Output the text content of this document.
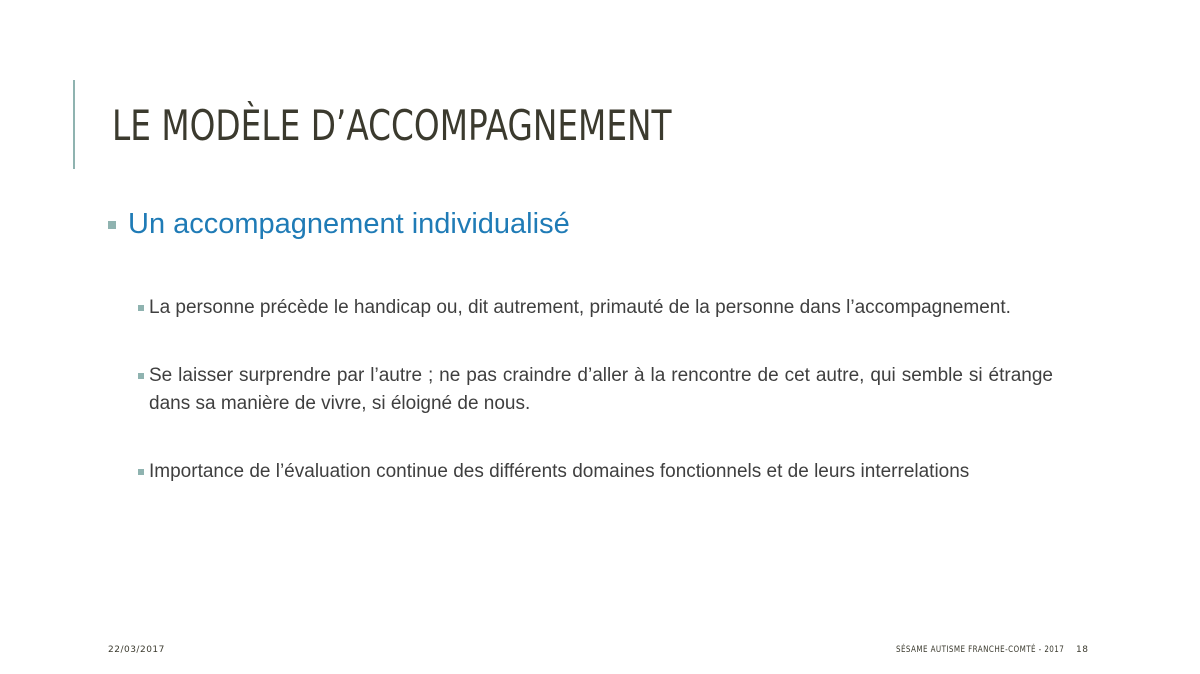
LE MODÈLE D’ACCOMPAGNEMENT
Un accompagnement individualisé
La personne précède le handicap ou, dit autrement, primauté de la personne dans l’accompagnement.
Se laisser surprendre par l’autre ; ne pas craindre d’aller à la rencontre de cet autre, qui semble si étrange dans sa manière de vivre, si éloigné de nous.
Importance de l’évaluation continue des différents domaines fonctionnels et de leurs interrelations
22/03/2017	SÉSAME AUTISME FRANCHE-COMTÉ - 2017 18
